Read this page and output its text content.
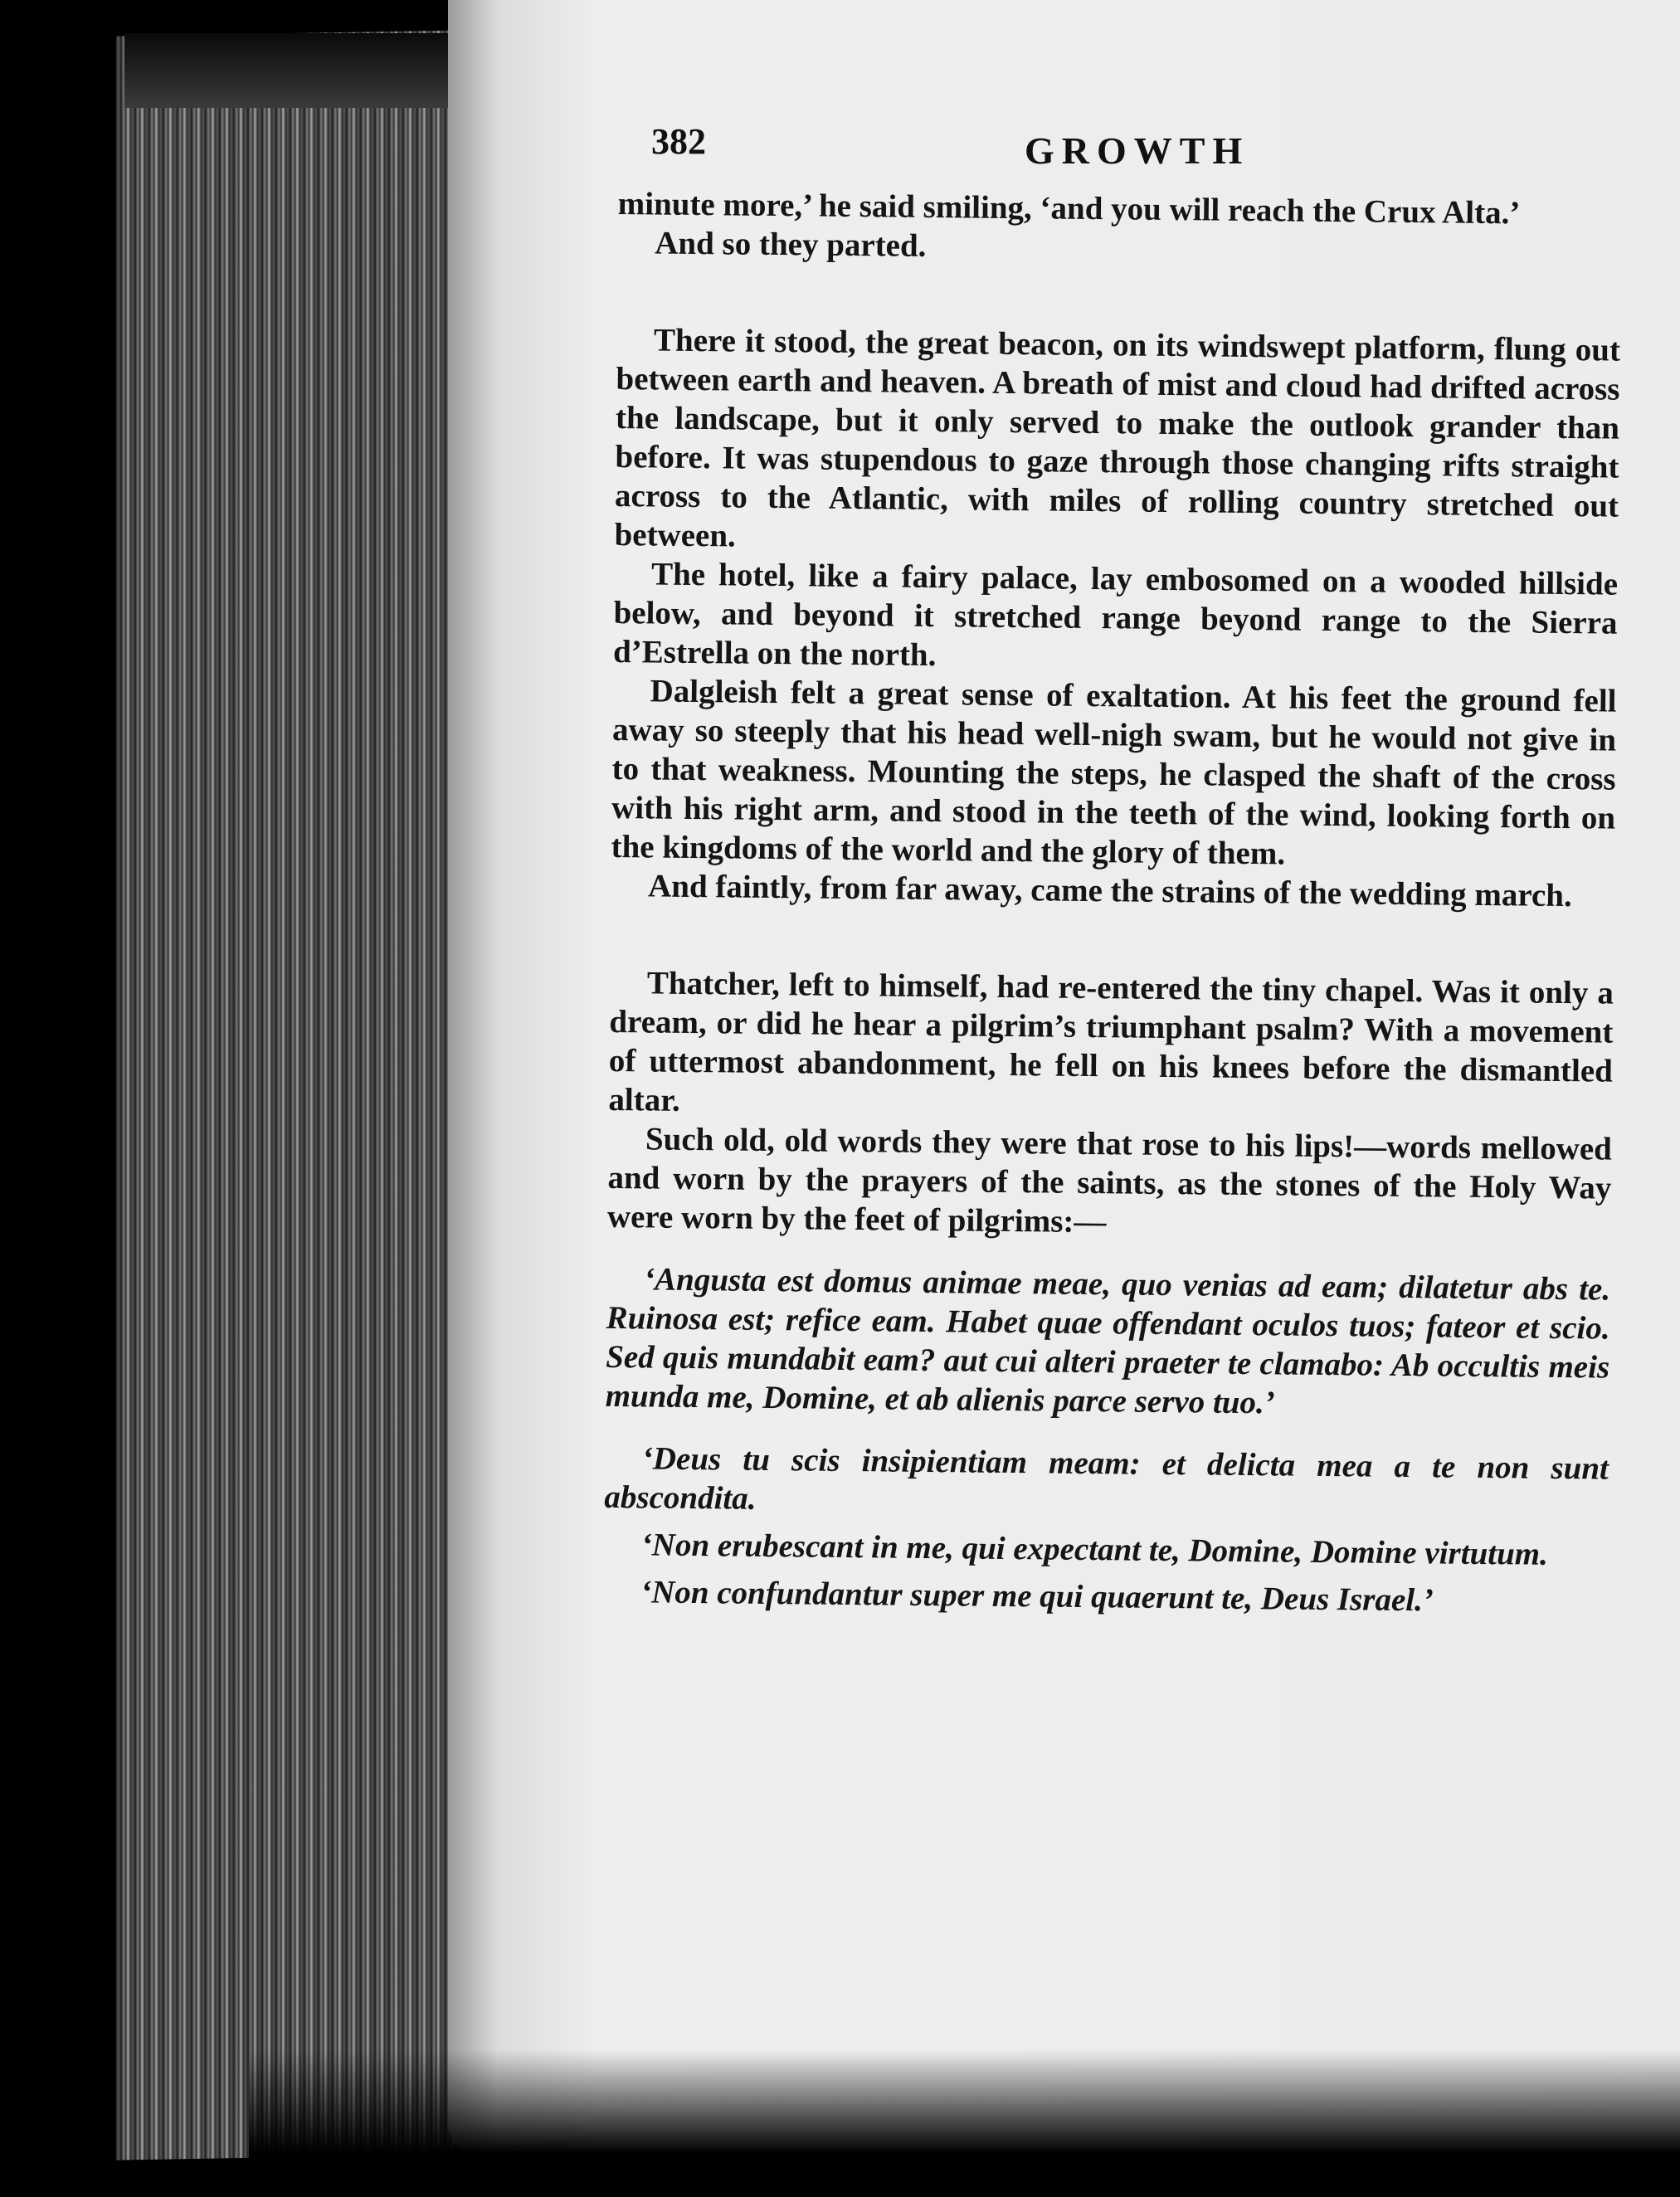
382	GROWTH

minute more,’ he said smiling, ‘and you will reach the Crux Alta.’

And so they parted.

There it stood, the great beacon, on its windswept platform, flung out between earth and heaven. A breath of mist and cloud had drifted across the landscape, but it only served to make the outlook grander than before. It was stupendous to gaze through those changing rifts straight across to the Atlantic, with miles of rolling country stretched out between.

The hotel, like a fairy palace, lay embosomed on a wooded hillside below, and beyond it stretched range beyond range to the Sierra d’Estrella on the north.

Dalgleish felt a great sense of exaltation. At his feet the ground fell away so steeply that his head well-nigh swam, but he would not give in to that weakness. Mounting the steps, he clasped the shaft of the cross with his right arm, and stood in the teeth of the wind, looking forth on the kingdoms of the world and the glory of them.

And faintly, from far away, came the strains of the wedding march.

Thatcher, left to himself, had re-entered the tiny chapel. Was it only a dream, or did he hear a pilgrim’s triumphant psalm? With a movement of uttermost abandonment, he fell on his knees before the dismantled altar.

Such old, old words they were that rose to his lips!—words mellowed and worn by the prayers of the saints, as the stones of the Holy Way were worn by the feet of pilgrims:—

‘Angusta est domus animae meae, quo venias ad eam; dilatetur abs te. Ruinosa est; refice eam. Habet quae offendant oculos tuos; fateor et scio. Sed quis mundabit eam? aut cui alteri praeter te clamabo: Ab occultis meis munda me, Domine, et ab alienis parce servo tuo.’

‘Deus tu scis insipientiam meam: et delicta mea a te non sunt abscondita.

‘Non erubescant in me, qui expectant te, Domine, Domine virtutum.

‘Non confundantur super me qui quaerunt te, Deus Israel.’
